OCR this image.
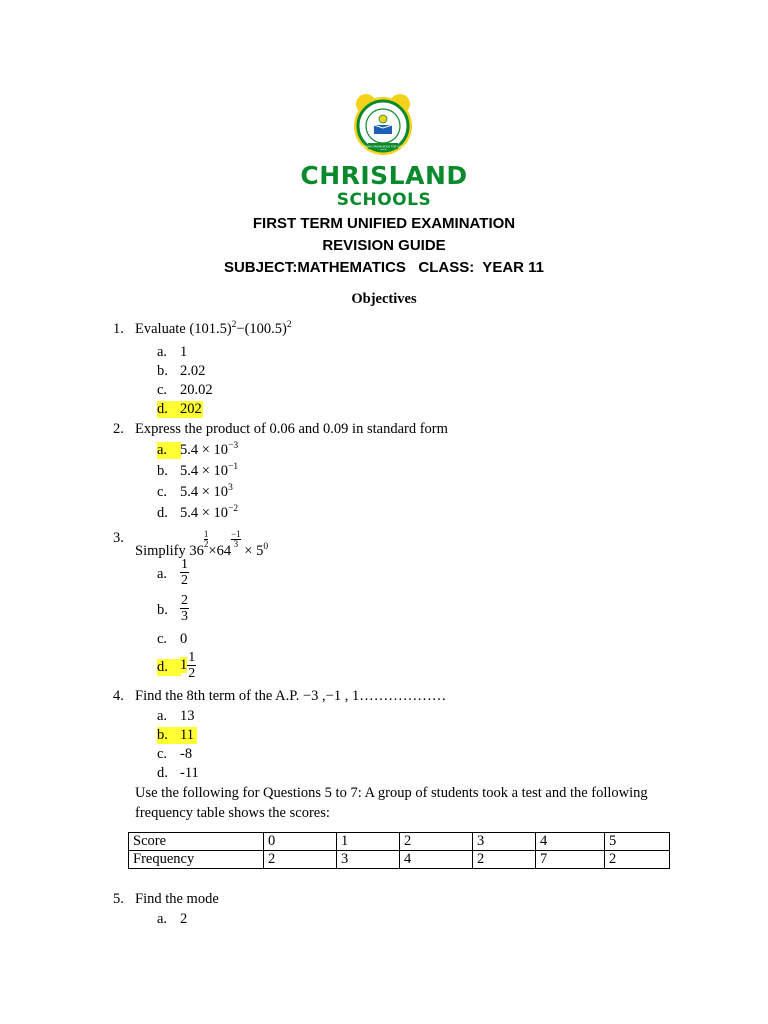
SEEKING KNOWLEDGE FOR LIGHT
CHRISLAND
SCHOOLS
FIRST TERM UNIFIED EXAMINATION
REVISION GUIDE
SUBJECT:MATHEMATICS   CLASS:  YEAR 11
Objectives
1. Evaluate $(101.5)^2-(100.5)^2$
a. 1
b. 2.02
c. 20.02
d. 202
2. Express the product of 0.06 and 0.09 in standard form
a. $5.4 \times 10^{-3}$
b. $5.4 \times 10^{-1}$
c. $5.4 \times 10^3$
d. $5.4 \times 10^{-2}$
3.
Simplify 36
$\frac{1}{2}$
×64
$\frac{-1}{3}$
× $5^0$
a. $\frac{1}{2}$
b. $\frac{2}{3}$
c. 0
d. $1 \frac{1}{2}$
4. Find the 8th term of the A.P. −3 ,−1 , 1………………
a. 13
b. 11
c. -8
d. -11
Use the following for Questions 5 to 7: A group of students took a test and the following
frequency table shows the scores:
Score	0	1	2	3	4	5
Frequency	2	3	4	2	7	2
5. Find the mode
a. 2
